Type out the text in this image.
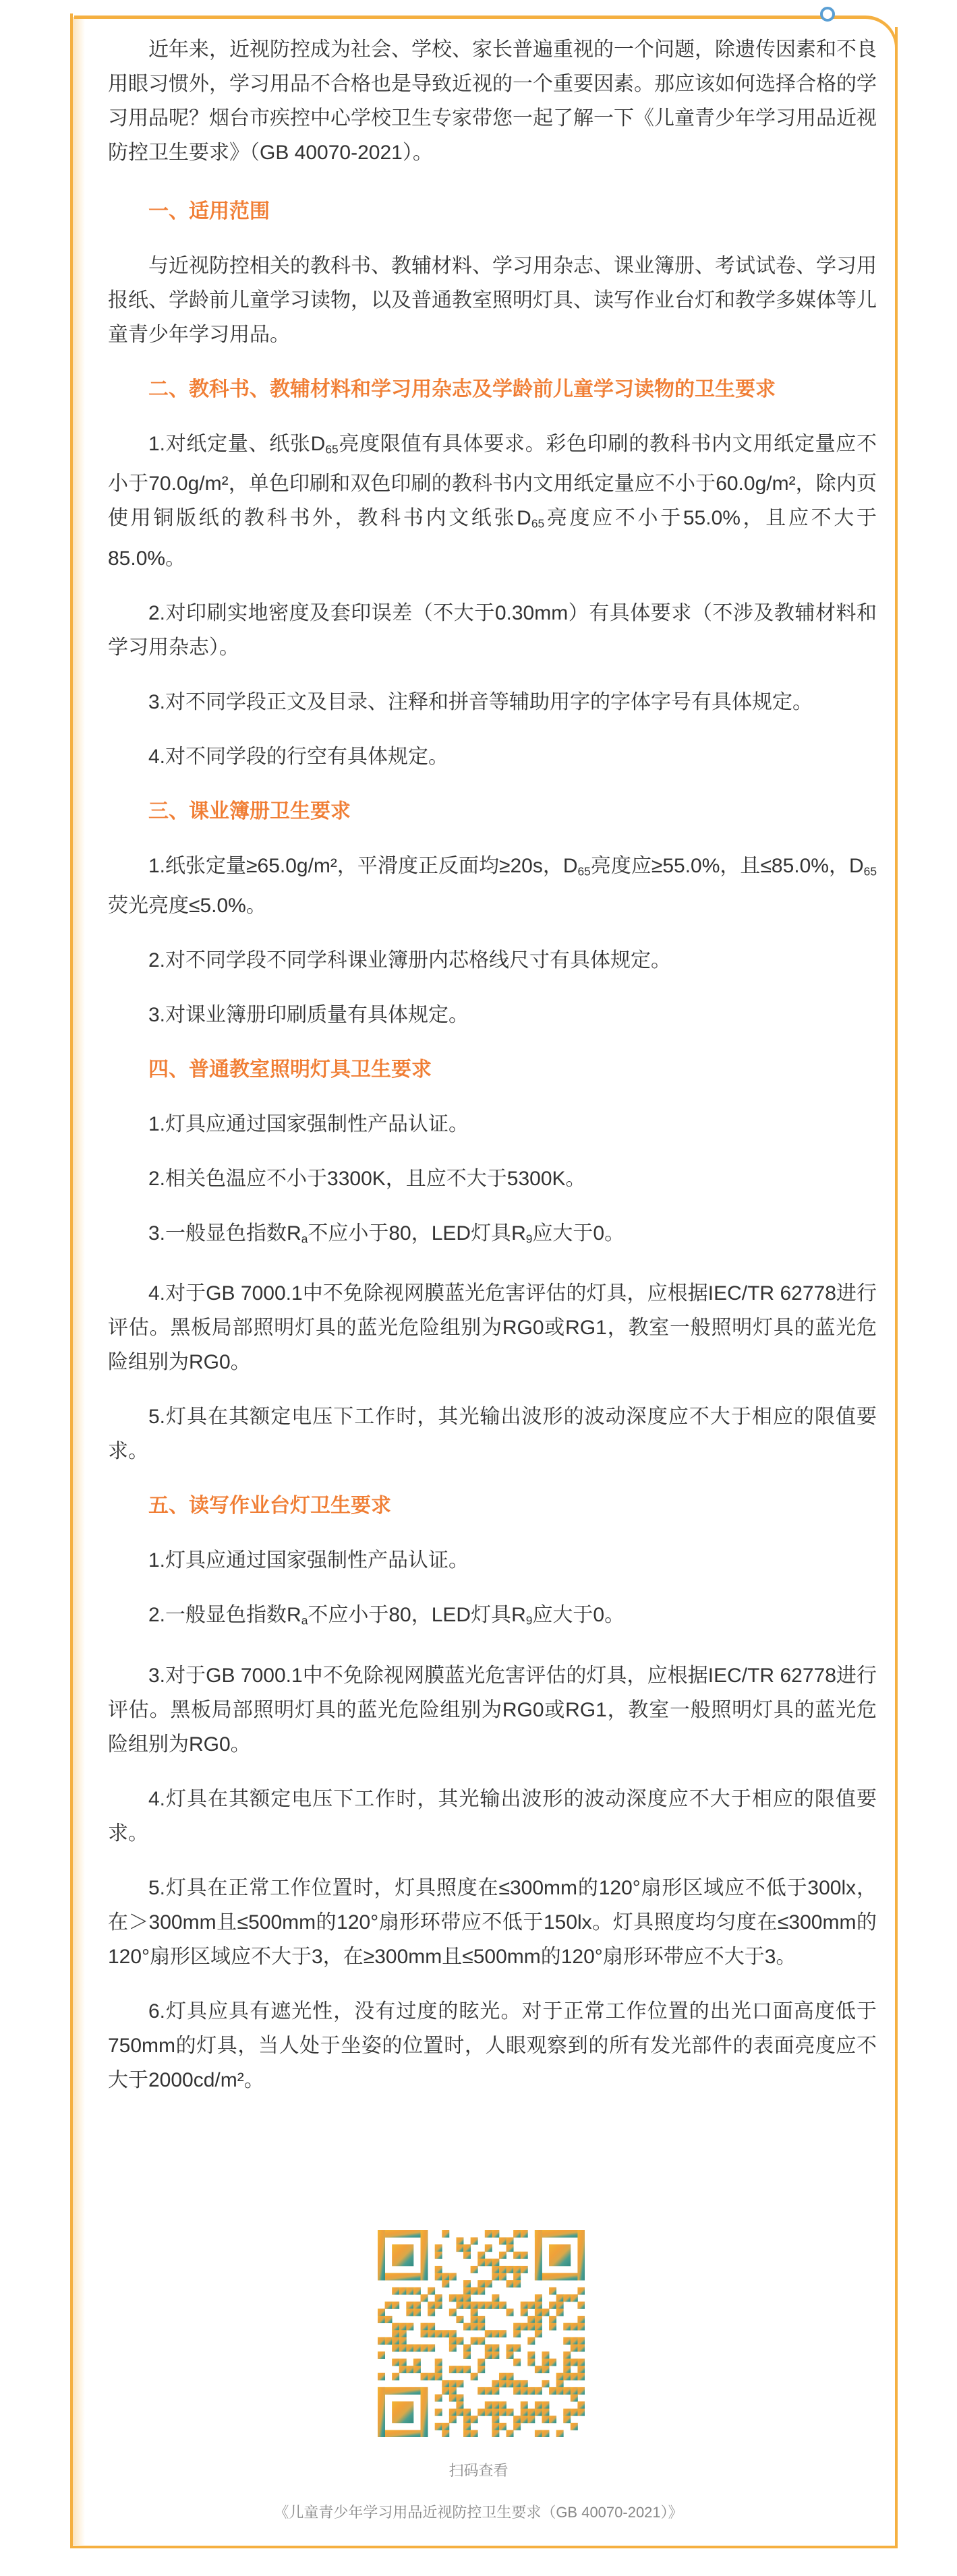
近年来，近视防控成为社会、学校、家长普遍重视的一个问题，除遗传因素和不良用眼习惯外，学习用品不合格也是导致近视的一个重要因素。那应该如何选择合格的学习用品呢？烟台市疾控中心学校卫生专家带您一起了解一下《儿童青少年学习用品近视防控卫生要求》（GB 40070-2021）。

一、适用范围

与近视防控相关的教科书、教辅材料、学习用杂志、课业簿册、考试试卷、学习用报纸、学龄前儿童学习读物，以及普通教室照明灯具、读写作业台灯和教学多媒体等儿童青少年学习用品。

二、教科书、教辅材料和学习用杂志及学龄前儿童学习读物的卫生要求

1.对纸定量、纸张$D_{65}$亮度限值有具体要求。彩色印刷的教科书内文用纸定量应不小于70.0g/m²，单色印刷和双色印刷的教科书内文用纸定量应不小于60.0g/m²，除内页使用铜版纸的教科书外，教科书内文纸张$D_{65}$亮度应不小于55.0%，且应不大于85.0%。

2.对印刷实地密度及套印误差（不大于0.30mm）有具体要求（不涉及教辅材料和学习用杂志）。

3.对不同学段正文及目录、注释和拼音等辅助用字的字体字号有具体规定。

4.对不同学段的行空有具体规定。

三、课业簿册卫生要求

1.纸张定量≥65.0g/m²，平滑度正反面均≥20s，$D_{65}$亮度应≥55.0%，且≤85.0%，$D_{65}$荧光亮度≤5.0%。

2.对不同学段不同学科课业簿册内芯格线尺寸有具体规定。

3.对课业簿册印刷质量有具体规定。

四、普通教室照明灯具卫生要求

1.灯具应通过国家强制性产品认证。

2.相关色温应不小于3300K，且应不大于5300K。

3.一般显色指数$R_a$不应小于80，LED灯具$R_9$应大于0。

4.对于GB 7000.1中不免除视网膜蓝光危害评估的灯具，应根据IEC/TR 62778进行评估。黑板局部照明灯具的蓝光危险组别为RG0或RG1，教室一般照明灯具的蓝光危险组别为RG0。

5.灯具在其额定电压下工作时，其光输出波形的波动深度应不大于相应的限值要求。

五、读写作业台灯卫生要求

1.灯具应通过国家强制性产品认证。

2.一般显色指数$R_a$不应小于80，LED灯具$R_9$应大于0。

3.对于GB 7000.1中不免除视网膜蓝光危害评估的灯具，应根据IEC/TR 62778进行评估。黑板局部照明灯具的蓝光危险组别为RG0或RG1，教室一般照明灯具的蓝光危险组别为RG0。

4.灯具在其额定电压下工作时，其光输出波形的波动深度应不大于相应的限值要求。

5.灯具在正常工作位置时，灯具照度在≤300mm的120°扇形区域应不低于300lx，在＞300mm且≤500mm的120°扇形环带应不低于150lx。灯具照度均匀度在≤300mm的120°扇形区域应不大于3，在≥300mm且≤500mm的120°扇形环带应不大于3。

6.灯具应具有遮光性，没有过度的眩光。对于正常工作位置的出光口面高度低于750mm的灯具，当人处于坐姿的位置时，人眼观察到的所有发光部件的表面亮度应不大于2000cd/m²。

扫码查看
《儿童青少年学习用品近视防控卫生要求（GB 40070-2021）》
